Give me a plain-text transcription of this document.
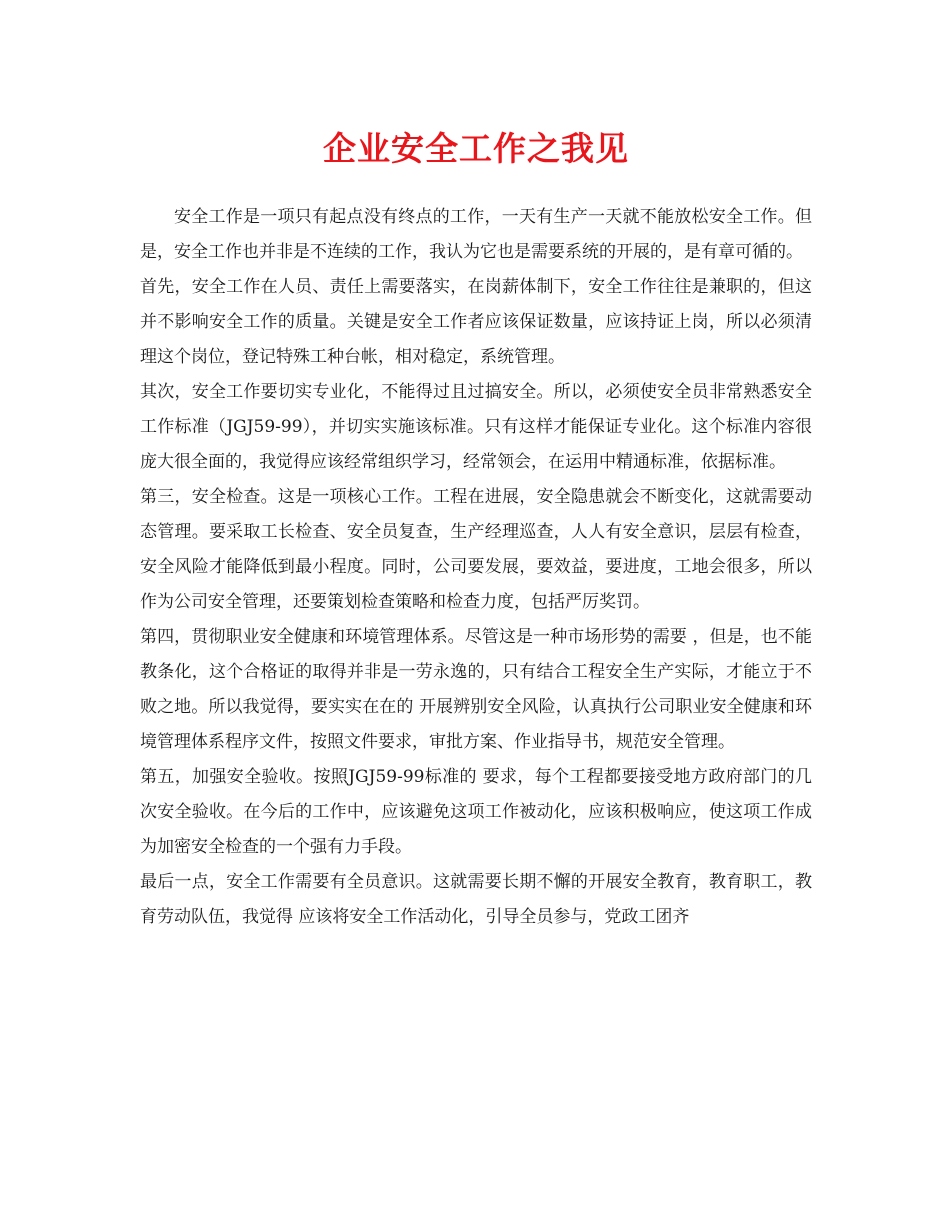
企业安全工作之我见

安全工作是一项只有起点没有终点的工作，一天有生产一天就不能放松安全工作。但是，安全工作也并非是不连续的工作，我认为它也是需要系统的开展的，是有章可循的。

首先，安全工作在人员、责任上需要落实，在岗薪体制下，安全工作往往是兼职的，但这并不影响安全工作的质量。关键是安全工作者应该保证数量，应该持证上岗，所以必须清理这个岗位，登记特殊工种台帐，相对稳定，系统管理。

其次，安全工作要切实专业化，不能得过且过搞安全。所以，必须使安全员非常熟悉安全工作标准（JGJ59-99），并切实实施该标准。只有这样才能保证专业化。这个标准内容很庞大很全面的，我觉得应该经常组织学习，经常领会，在运用中精通标准，依据标准。

第三，安全检查。这是一项核心工作。工程在进展，安全隐患就会不断变化，这就需要动态管理。要采取工长检查、安全员复查，生产经理巡查，人人有安全意识，层层有检查，安全风险才能降低到最小程度。同时，公司要发展，要效益，要进度，工地会很多，所以作为公司安全管理，还要策划检查策略和检查力度，包括严厉奖罚。

第四，贯彻职业安全健康和环境管理体系。尽管这是一种市场形势的需要 ，但是，也不能教条化，这个合格证的取得并非是一劳永逸的，只有结合工程安全生产实际，才能立于不败之地。所以我觉得，要实实在在的 开展辨别安全风险，认真执行公司职业安全健康和环境管理体系程序文件，按照文件要求，审批方案、作业指导书，规范安全管理。

第五，加强安全验收。按照JGJ59-99标准的 要求，每个工程都要接受地方政府部门的几次安全验收。在今后的工作中，应该避免这项工作被动化，应该积极响应，使这项工作成为加密安全检查的一个强有力手段。

最后一点，安全工作需要有全员意识。这就需要长期不懈的开展安全教育，教育职工，教育劳动队伍，我觉得 应该将安全工作活动化，引导全员参与，党政工团齐
